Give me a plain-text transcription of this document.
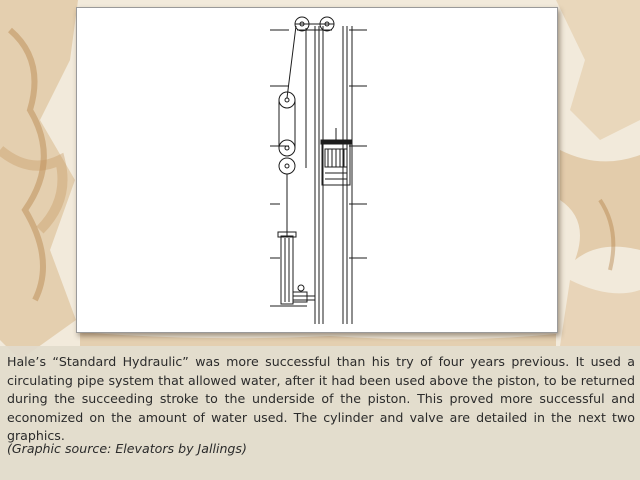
Hale’s “Standard Hydraulic” was more successful than his try of four years previous. It used a circulating pipe system that allowed water, after it had been used above the piston, to be returned during the succeeding stroke to the underside of the piston. This proved more successful and economized on the amount of water used. The cylinder and valve are detailed in the next two graphics.

(Graphic source: Elevators by Jallings)
